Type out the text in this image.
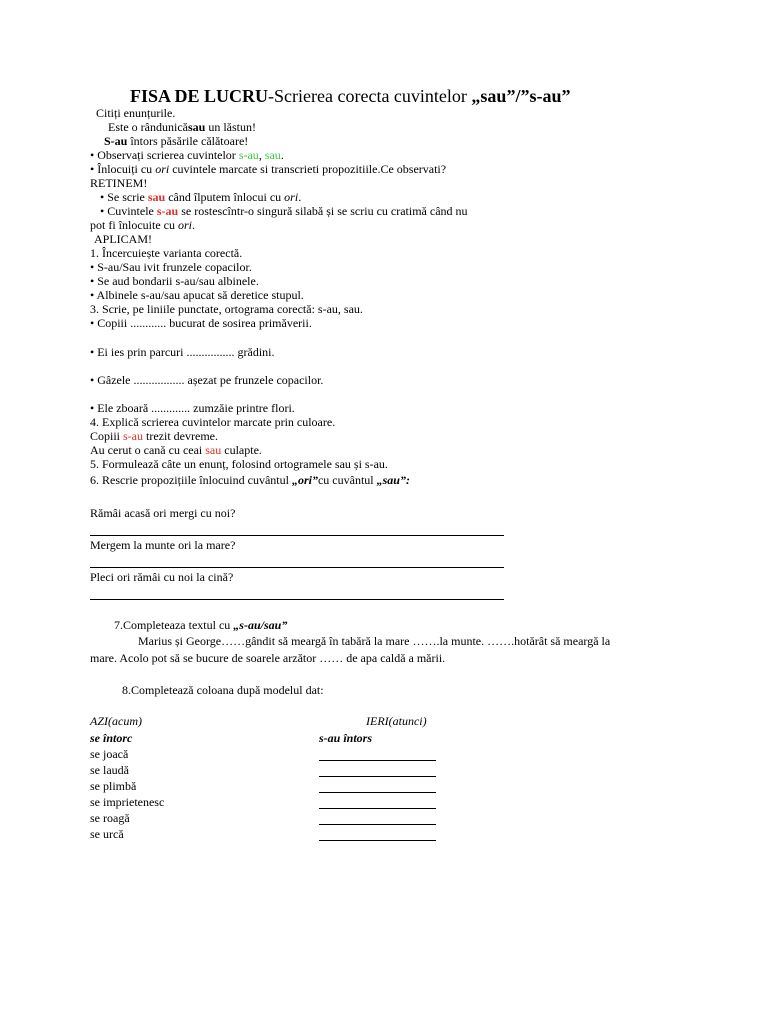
FISA DE LUCRU-Scrierea corecta cuvintelor „sau”/”s-au”
Citiți enunțurile.
Este o rândunicăsau un lăstun!
S-au întors păsările călătoare!
• Observați scrierea cuvintelor s-au, sau.
• Înlocuiți cu ori cuvintele marcate si transcrieti propozitiile.Ce observati?
RETINEM!
• Se scrie sau când îlputem înlocui cu ori.
• Cuvintele s-au se rostescîntr-o singură silabă și se scriu cu cratimă când nu
pot fi înlocuite cu ori.
APLICAM!
1. Încercuiește varianta corectă.
• S-au/Sau ivit frunzele copacilor.
• Se aud bondarii s-au/sau albinele.
• Albinele s-au/sau apucat să deretice stupul.
3. Scrie, pe liniile punctate, ortograma corectă: s-au, sau.
• Copiii ............ bucurat de sosirea primăverii.
• Ei ies prin parcuri ................ grădini.
• Gâzele ................. așezat pe frunzele copacilor.
• Ele zboară ............. zumzăie printre flori.
4. Explică scrierea cuvintelor marcate prin culoare.
Copiii s-au trezit devreme.
Au cerut o cană cu ceai sau culapte.
5. Formulează câte un enunț, folosind ortogramele sau și s-au.
6. Rescrie propozițiile înlocuind cuvântul „ori”cu cuvântul „sau”:
Rămâi acasă ori mergi cu noi?
Mergem la munte ori la mare?
Pleci ori rămâi cu noi la cină?
7.Completeaza textul cu „s-au/sau”
Marius și George……gândit să meargă în tabără la mare …….la munte. …….hotărât să meargă la
mare. Acolo pot să se bucure de soarele arzător …… de apa caldă a mării.
8.Completează coloana după modelul dat:
AZI(acum)	IERI(atunci)
se întorc	s-au întors
se joacă
se laudă
se plimbă
se imprietenesc
se roagă
se urcă
